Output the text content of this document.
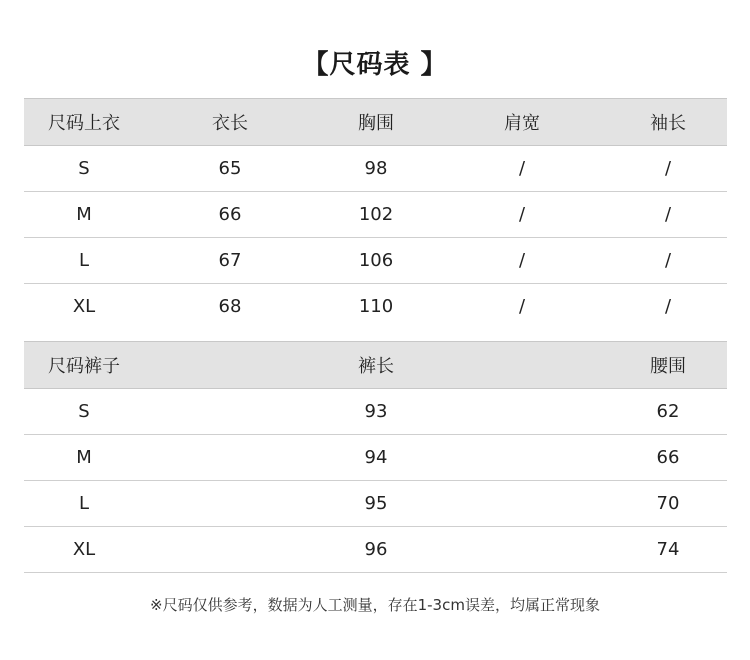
【尺码表 】
尺码上衣	衣长	胸围	肩宽	袖长
S	65	98	/	/
M	66	102	/	/
L	67	106	/	/
XL	68	110	/	/
尺码裤子	裤长	腰围
S	93	62
M	94	66
L	95	70
XL	96	74
※尺码仅供参考，数据为人工测量，存在1-3cm误差，均属正常现象
